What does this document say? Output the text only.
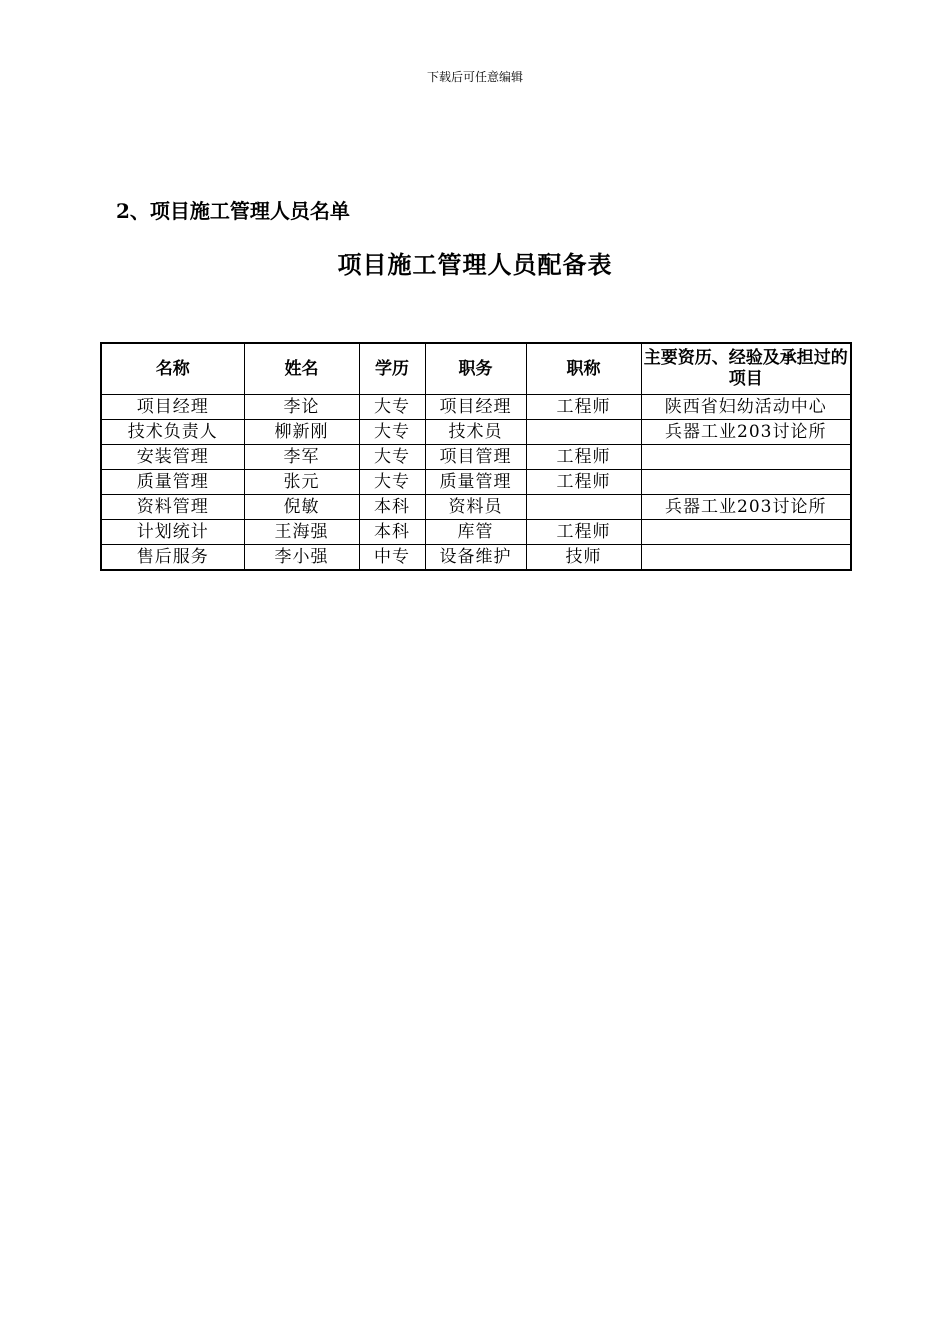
下载后可任意编辑
2、项目施工管理人员名单
项目施工管理人员配备表
名称	姓名	学历	职务	职称	主要资历、经验及承担过的项目
项目经理	李论	大专	项目经理	工程师	陕西省妇幼活动中心
技术负责人	柳新刚	大专	技术员		兵器工业203讨论所
安装管理	李军	大专	项目管理	工程师	
质量管理	张元	大专	质量管理	工程师	
资料管理	倪敏	本科	资料员		兵器工业203讨论所
计划统计	王海强	本科	库管	工程师	
售后服务	李小强	中专	设备维护	技师	
